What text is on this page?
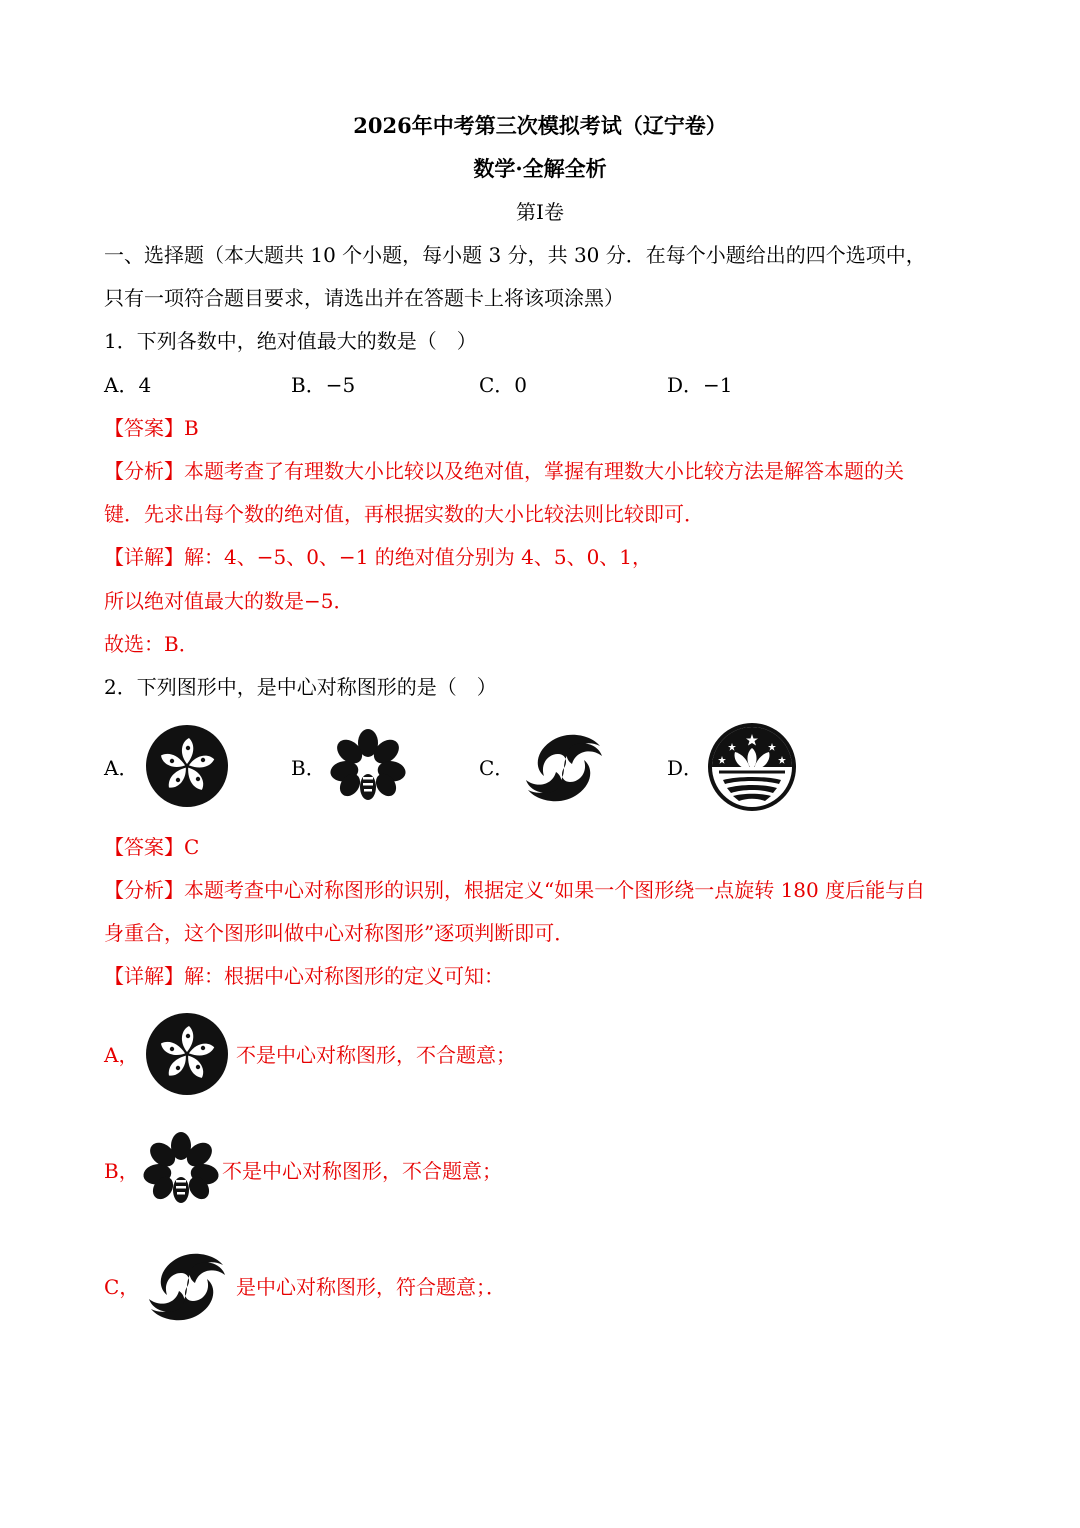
2026年中考第三次模拟考试（辽宁卷）
数学·全解全析
第Ⅰ卷
一、选择题（本大题共 10 个小题，每小题 3 分，共 30 分．在每个小题给出的四个选项中，
只有一项符合题目要求，请选出并在答题卡上将该项涂黑）
1．下列各数中，绝对值最大的数是（　）
A．4	B．−5	C．0	D．−1
【答案】B
【分析】本题考查了有理数大小比较以及绝对值，掌握有理数大小比较方法是解答本题的关
键．先求出每个数的绝对值，再根据实数的大小比较法则比较即可．
【详解】解：4、−5、0、−1 的绝对值分别为 4、5、0、1，
所以绝对值最大的数是−5．
故选：B．
2．下列图形中，是中心对称图形的是（　）
A．	B．	C．	D．
【答案】C
【分析】本题考查中心对称图形的识别，根据定义“如果一个图形绕一点旋转 180 度后能与自
身重合，这个图形叫做中心对称图形”逐项判断即可．
【详解】解：根据中心对称图形的定义可知：
A，	不是中心对称图形，不合题意；
B，	不是中心对称图形，不合题意；
C，	是中心对称图形，符合题意；．
